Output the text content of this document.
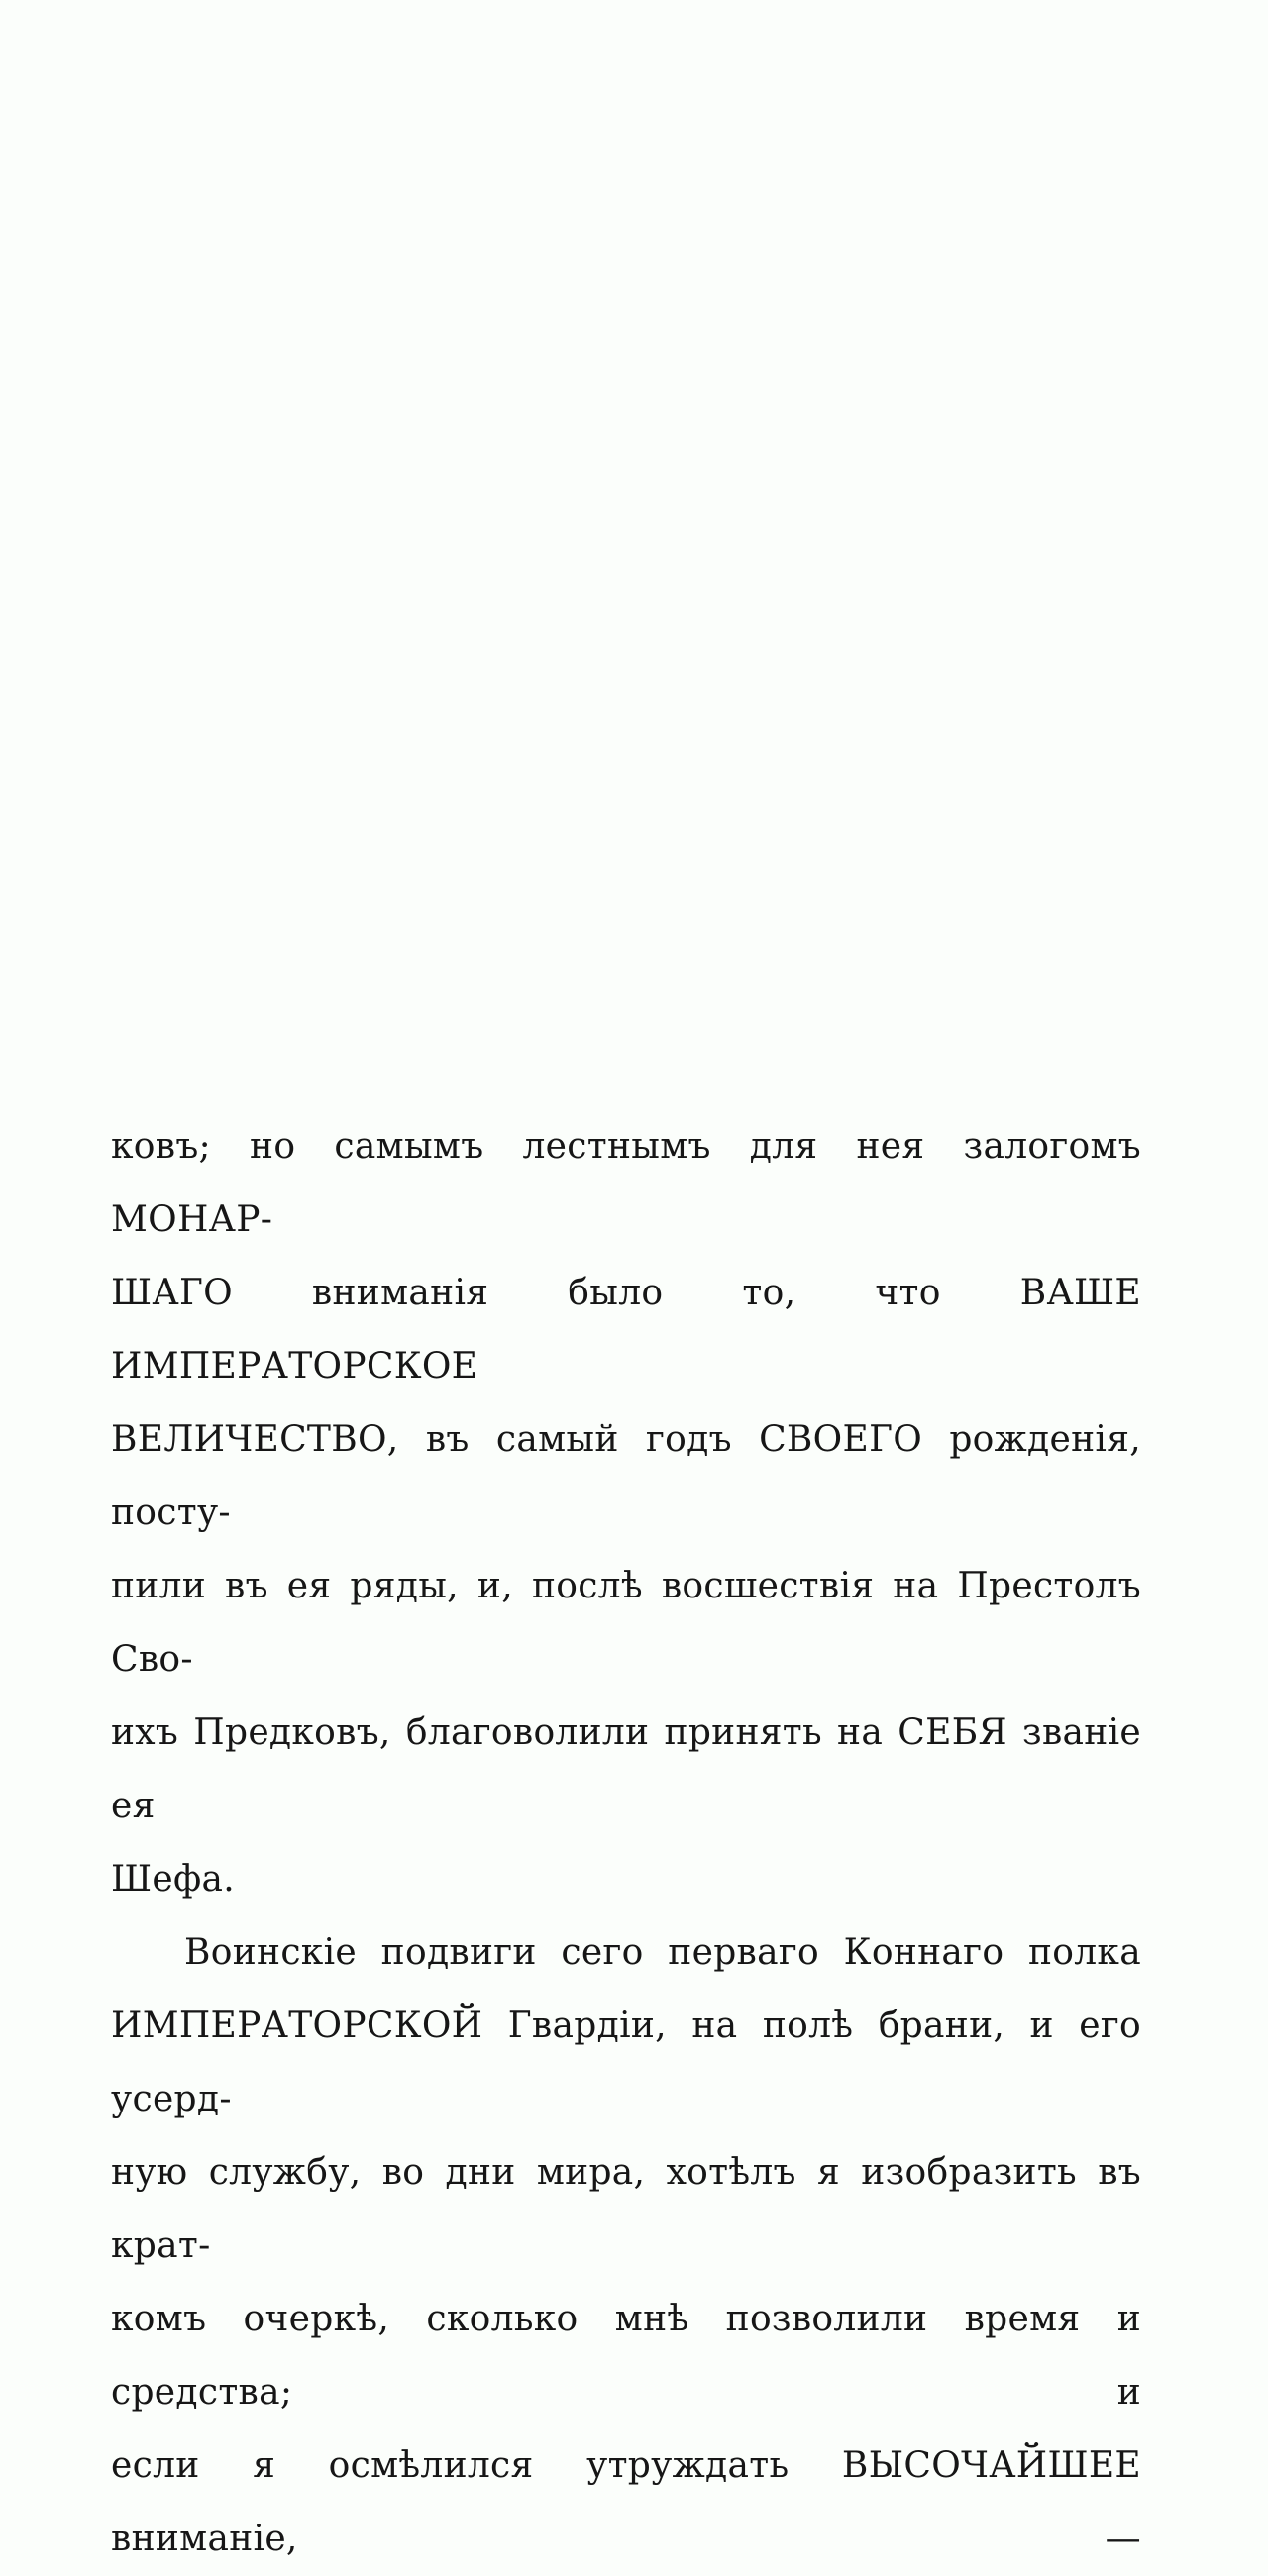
ковъ; но самымъ лестнымъ для нея залогомъ МОНАР-
ШАГО вниманія было то, что ВАШЕ ИМПЕРАТОРСКОЕ
ВЕЛИЧЕСТВО, въ самый годъ СВОЕГО рожденія, посту-
пили въ ея ряды, и, послѣ восшествія на Престолъ Сво-
ихъ Предковъ, благоволили принять на СЕБЯ званіе ея
Шефа.
Воинскіе подвиги сего перваго Коннаго полка
ИМПЕРАТОРСКОЙ Гвардіи, на полѣ брани, и его усерд-
ную службу, во дни мира, хотѣлъ я изобразить въ крат-
комъ очеркѣ, сколько мнѣ позволили время и средства; и
если я осмѣлился утруждать ВЫСОЧАЙШЕЕ вниманіе, —
